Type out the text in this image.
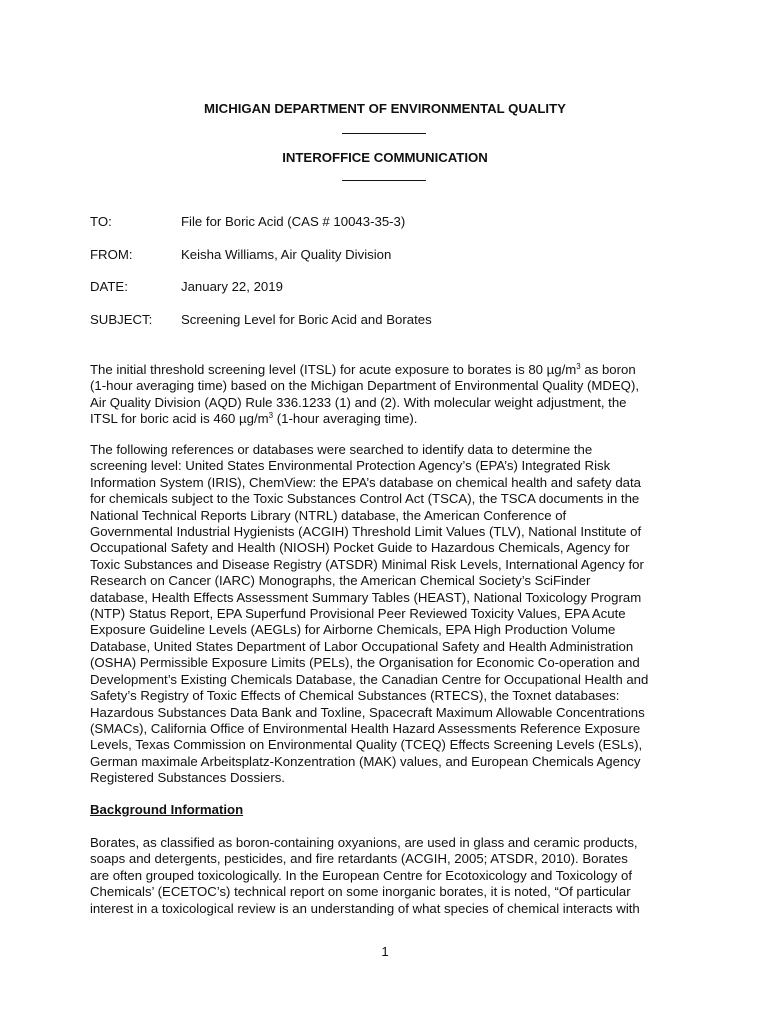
MICHIGAN DEPARTMENT OF ENVIRONMENTAL QUALITY
INTEROFFICE COMMUNICATION
TO:	File for Boric Acid (CAS # 10043-35-3)
FROM:	Keisha Williams, Air Quality Division
DATE:	January 22, 2019
SUBJECT: Screening Level for Boric Acid and Borates
The initial threshold screening level (ITSL) for acute exposure to borates is 80 $\mu g/m^3$ as boron
(1-hour averaging time) based on the Michigan Department of Environmental Quality (MDEQ),
Air Quality Division (AQD) Rule 336.1233 (1) and (2). With molecular weight adjustment, the
ITSL for boric acid is 460 $\mu g/m^3$ (1-hour averaging time).
The following references or databases were searched to identify data to determine the
screening level: United States Environmental Protection Agency’s (EPA’s) Integrated Risk
Information System (IRIS), ChemView: the EPA’s database on chemical health and safety data
for chemicals subject to the Toxic Substances Control Act (TSCA), the TSCA documents in the
National Technical Reports Library (NTRL) database, the American Conference of
Governmental Industrial Hygienists (ACGIH) Threshold Limit Values (TLV), National Institute of
Occupational Safety and Health (NIOSH) Pocket Guide to Hazardous Chemicals, Agency for
Toxic Substances and Disease Registry (ATSDR) Minimal Risk Levels, International Agency for
Research on Cancer (IARC) Monographs, the American Chemical Society’s SciFinder
database, Health Effects Assessment Summary Tables (HEAST), National Toxicology Program
(NTP) Status Report, EPA Superfund Provisional Peer Reviewed Toxicity Values, EPA Acute
Exposure Guideline Levels (AEGLs) for Airborne Chemicals, EPA High Production Volume
Database, United States Department of Labor Occupational Safety and Health Administration
(OSHA) Permissible Exposure Limits (PELs), the Organisation for Economic Co-operation and
Development’s Existing Chemicals Database, the Canadian Centre for Occupational Health and
Safety’s Registry of Toxic Effects of Chemical Substances (RTECS), the Toxnet databases:
Hazardous Substances Data Bank and Toxline, Spacecraft Maximum Allowable Concentrations
(SMACs), California Office of Environmental Health Hazard Assessments Reference Exposure
Levels, Texas Commission on Environmental Quality (TCEQ) Effects Screening Levels (ESLs),
German maximale Arbeitsplatz-Konzentration (MAK) values, and European Chemicals Agency
Registered Substances Dossiers.
Background Information
Borates, as classified as boron-containing oxyanions, are used in glass and ceramic products,
soaps and detergents, pesticides, and fire retardants (ACGIH, 2005; ATSDR, 2010). Borates
are often grouped toxicologically. In the European Centre for Ecotoxicology and Toxicology of
Chemicals’ (ECETOC’s) technical report on some inorganic borates, it is noted, “Of particular
interest in a toxicological review is an understanding of what species of chemical interacts with
1
